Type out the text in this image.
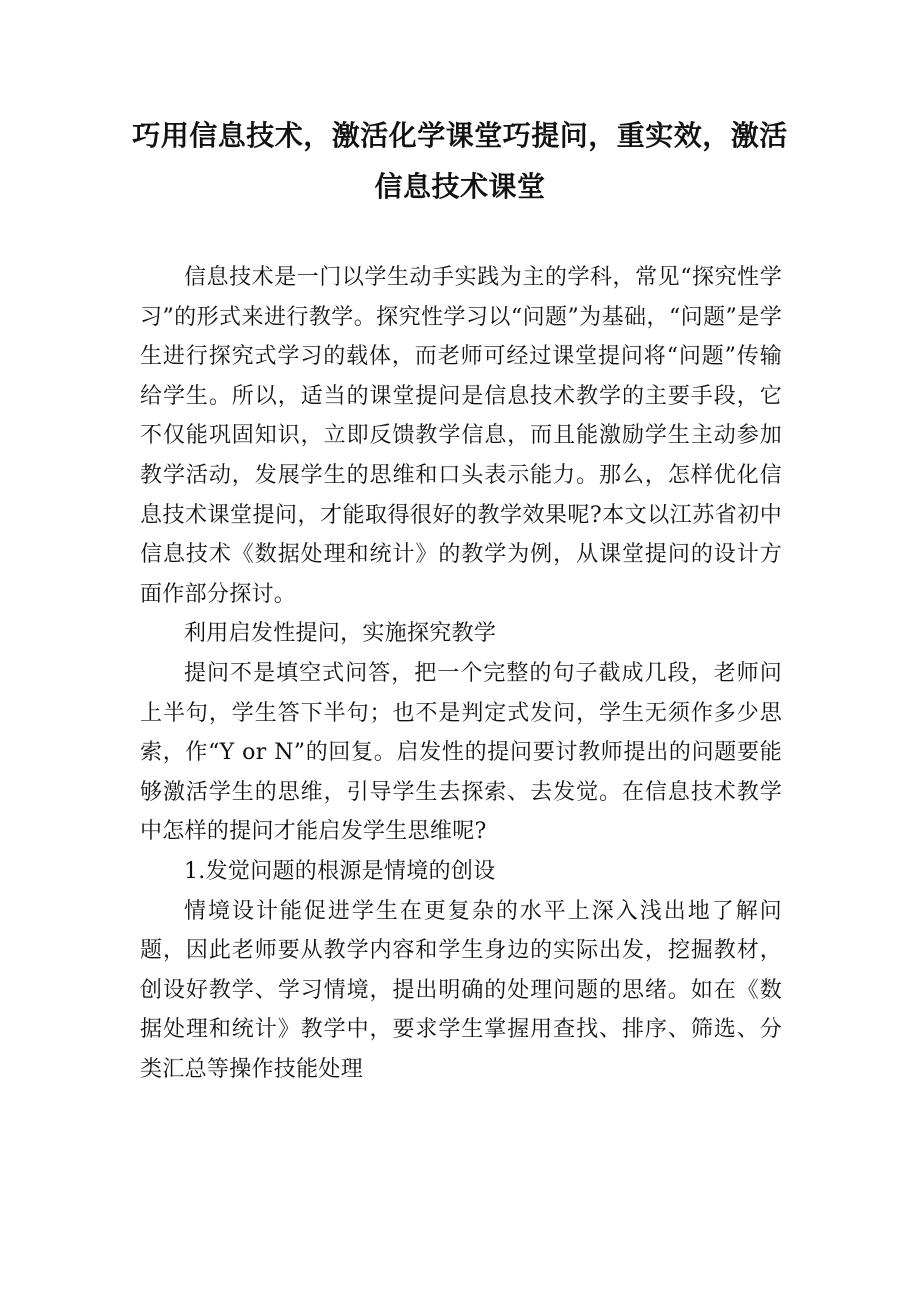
巧用信息技术，激活化学课堂巧提问，重实效，激活信息技术课堂

信息技术是一门以学生动手实践为主的学科，常见“探究性学习”的形式来进行教学。探究性学习以“问题”为基础，“问题”是学生进行探究式学习的载体，而老师可经过课堂提问将“问题”传输给学生。所以，适当的课堂提问是信息技术教学的主要手段，它不仅能巩固知识，立即反馈教学信息，而且能激励学生主动参加教学活动，发展学生的思维和口头表示能力。那么，怎样优化信息技术课堂提问，才能取得很好的教学效果呢?本文以江苏省初中信息技术《数据处理和统计》的教学为例，从课堂提问的设计方面作部分探讨。

利用启发性提问，实施探究教学

提问不是填空式问答，把一个完整的句子截成几段，老师问上半句，学生答下半句；也不是判定式发问，学生无须作多少思索，作“Y or N”的回复。启发性的提问要讨教师提出的问题要能够激活学生的思维，引导学生去探索、去发觉。在信息技术教学中怎样的提问才能启发学生思维呢?

1.发觉问题的根源是情境的创设

情境设计能促进学生在更复杂的水平上深入浅出地了解问题，因此老师要从教学内容和学生身边的实际出发，挖掘教材，创设好教学、学习情境，提出明确的处理问题的思绪。如在《数据处理和统计》教学中，要求学生掌握用查找、排序、筛选、分类汇总等操作技能处理
